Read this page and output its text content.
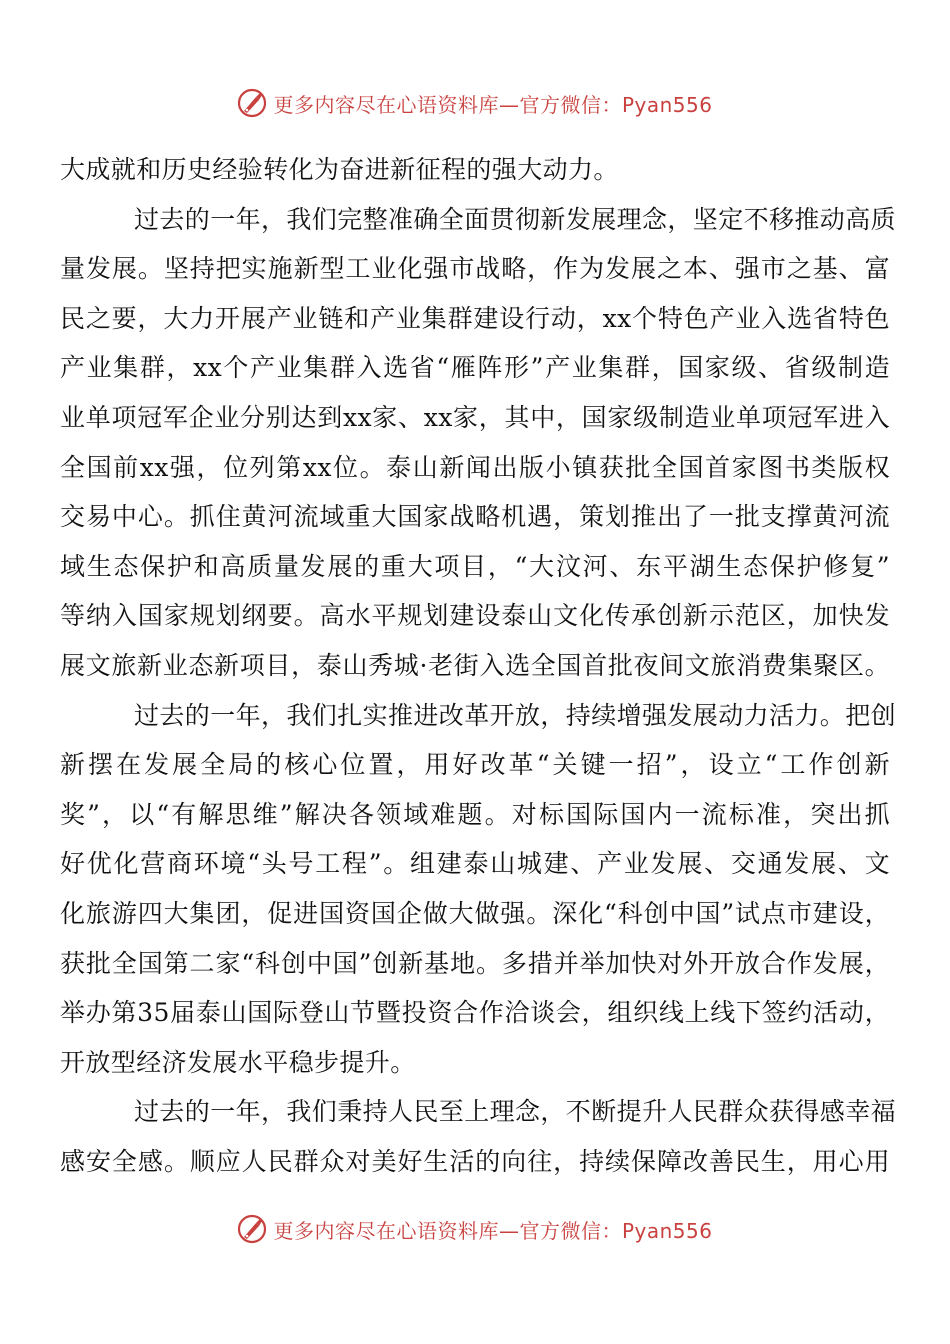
更多内容尽在心语资料库—官方微信：Pyan556
大成就和历史经验转化为奋进新征程的强大动力。
过去的一年，我们完整准确全面贯彻新发展理念，坚定不移推动高质
量发展。坚持把实施新型工业化强市战略，作为发展之本、强市之基、富
民之要，大力开展产业链和产业集群建设行动，xx个特色产业入选省特色
产业集群，xx个产业集群入选省“雁阵形”产业集群，国家级、省级制造
业单项冠军企业分别达到xx家、xx家，其中，国家级制造业单项冠军进入
全国前xx强，位列第xx位。泰山新闻出版小镇获批全国首家图书类版权
交易中心。抓住黄河流域重大国家战略机遇，策划推出了一批支撑黄河流
域生态保护和高质量发展的重大项目，“大汶河、东平湖生态保护修复”
等纳入国家规划纲要。高水平规划建设泰山文化传承创新示范区，加快发
展文旅新业态新项目，泰山秀城·老街入选全国首批夜间文旅消费集聚区。
过去的一年，我们扎实推进改革开放，持续增强发展动力活力。把创
新摆在发展全局的核心位置，用好改革“关键一招”，设立“工作创新
奖”，以“有解思维”解决各领域难题。对标国际国内一流标准，突出抓
好优化营商环境“头号工程”。组建泰山城建、产业发展、交通发展、文
化旅游四大集团，促进国资国企做大做强。深化“科创中国”试点市建设，
获批全国第二家“科创中国”创新基地。多措并举加快对外开放合作发展，
举办第35届泰山国际登山节暨投资合作洽谈会，组织线上线下签约活动，
开放型经济发展水平稳步提升。
过去的一年，我们秉持人民至上理念，不断提升人民群众获得感幸福
感安全感。顺应人民群众对美好生活的向往，持续保障改善民生，用心用
更多内容尽在心语资料库—官方微信：Pyan556
